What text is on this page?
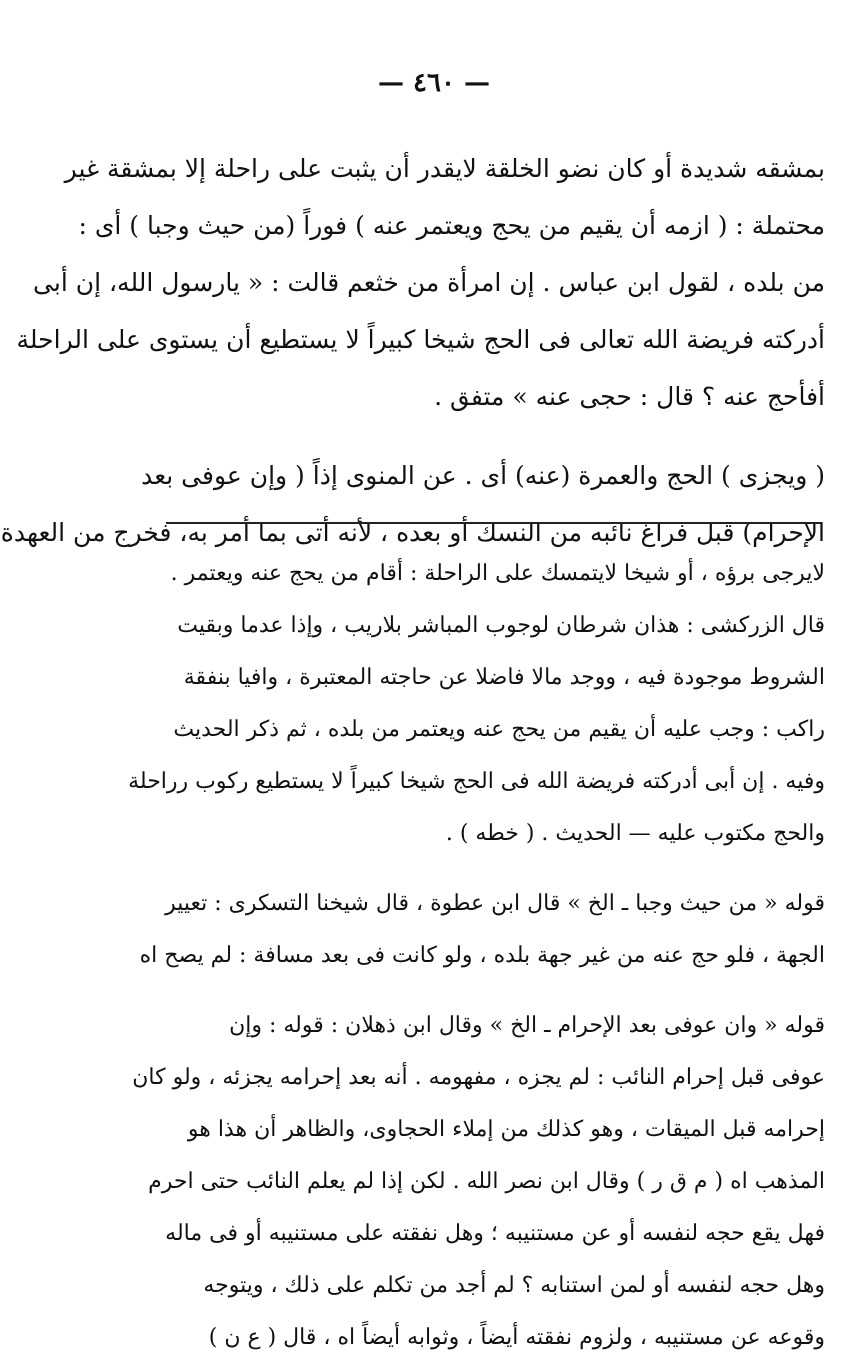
— ٤٦٠ —
بمشقه شديدة أو كان نضو الخلقة لايقدر أن يثبت على راحلة إلا بمشقة غير
محتملة : ( ازمه أن يقيم من يحج ويعتمر عنه ) فوراً (من حيث وجبا ) أى :
من بلده ، لقول ابن عباس . إن امرأة من خثعم قالت : « يارسول الله، إن أبى
أدركته فريضة الله تعالى فى الحج شيخا كبيراً لا يستطيع أن يستوى على الراحلة
أفأحج عنه ؟ قال : حجى عنه » متفق .
( ويجزى ) الحج والعمرة (عنه) أى . عن المنوى إذاً ( وإن عوفى بعد
الإحرام) قبل فراغ نائبه من النسك أو بعده ، لأنه أتى بما أمر به، فخرج من العهدة
لايرجى برؤه ، أو شيخا لايتمسك على الراحلة : أقام من يحج عنه ويعتمر .
قال الزركشى : هذان شرطان لوجوب المباشر بلاريب ، وإذا عدما وبقيت
الشروط موجودة فيه ، ووجد مالا فاضلا عن حاجته المعتبرة ، وافيا بنفقة
راكب : وجب عليه أن يقيم من يحج عنه ويعتمر من بلده ، ثم ذكر الحديث
وفيه . إن أبى أدركته فريضة الله فى الحج شيخا كبيراً لا يستطيع ركوب رراحلة
والحج مكتوب عليه — الحديث . ( خطه ) .
قوله « من حيث وجبا ـ الخ » قال ابن عطوة ، قال شيخنا التسكرى : تعيير
الجهة ، فلو حج عنه من غير جهة بلده ، ولو كانت فى بعد مسافة : لم يصح اه
قوله « وان عوفى بعد الإحرام ـ الخ » وقال ابن ذهلان : قوله : وإن
عوفى قبل إحرام النائب : لم يجزه ، مفهومه . أنه بعد إحرامه يجزئه ، ولو كان
إحرامه قبل الميقات ، وهو كذلك من إملاء الحجاوى، والظاهر أن هذا هو
المذهب اه ( م ق ر ) وقال ابن نصر الله . لكن إذا لم يعلم النائب حتى احرم
فهل يقع حجه لنفسه أو عن مستنيبه ؛ وهل نفقته على مستنيبه أو فى ماله
وهل حجه لنفسه أو لمن استنابه ؟ لم أجد من تكلم على ذلك ، ويتوجه
وقوعه عن مستنيبه ، ولزوم نفقته أيضاً ، وثوابه أيضاً اه ، قال ( ع ن )
